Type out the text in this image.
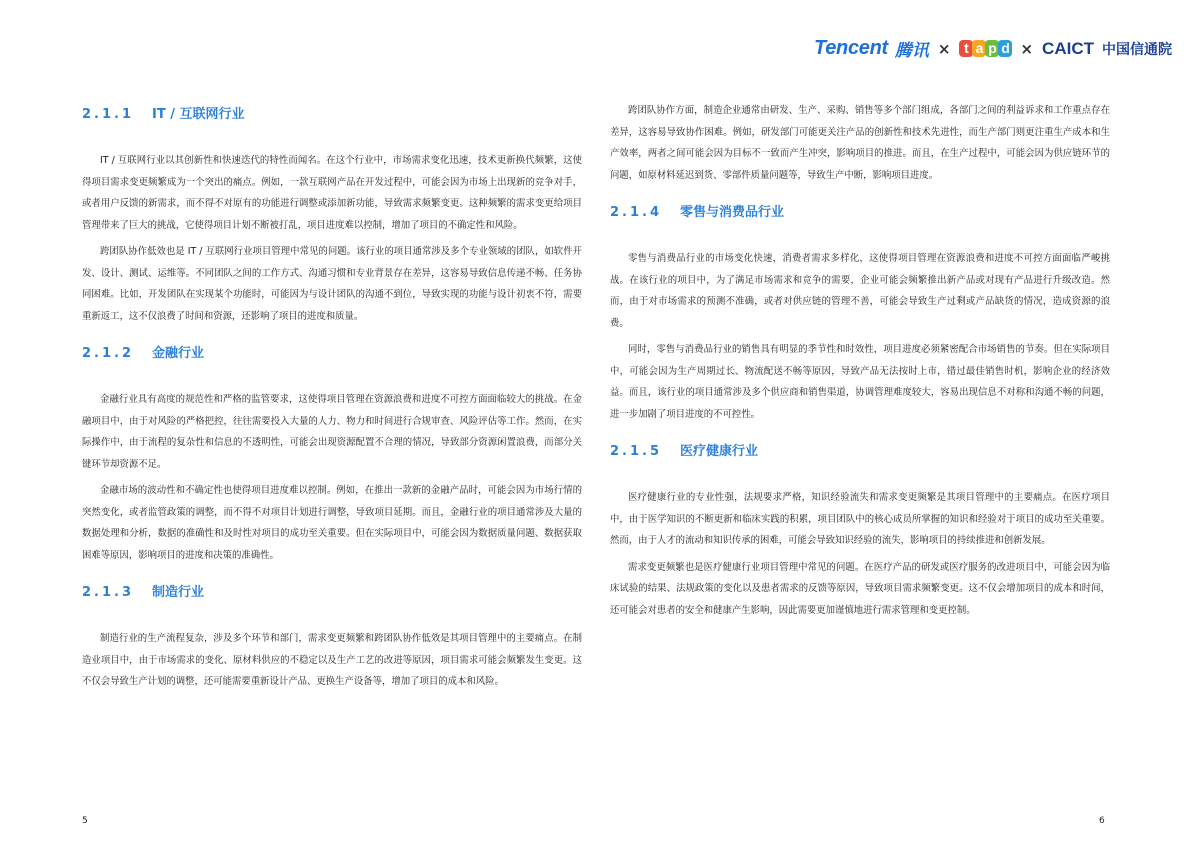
Tencent 腾讯 × t a p d × CAICT 中国信通院
2.1.1 IT / 互联网行业

IT / 互联网行业以其创新性和快速迭代的特性而闻名。在这个行业中，市场需求变化迅速，技术更新换代频繁，这使得项目需求变更频繁成为一个突出的痛点。例如，一款互联网产品在开发过程中，可能会因为市场上出现新的竞争对手，或者用户反馈的新需求，而不得不对原有的功能进行调整或添加新功能，导致需求频繁变更。这种频繁的需求变更给项目管理带来了巨大的挑战，它使得项目计划不断被打乱，项目进度难以控制，增加了项目的不确定性和风险。

跨团队协作低效也是 IT / 互联网行业项目管理中常见的问题。该行业的项目通常涉及多个专业领域的团队，如软件开发、设计、测试、运维等。不同团队之间的工作方式、沟通习惯和专业背景存在差异，这容易导致信息传递不畅、任务协同困难。比如，开发团队在实现某个功能时，可能因为与设计团队的沟通不到位，导致实现的功能与设计初衷不符，需要重新返工，这不仅浪费了时间和资源，还影响了项目的进度和质量。

2.1.2 金融行业

金融行业具有高度的规范性和严格的监管要求，这使得项目管理在资源浪费和进度不可控方面面临较大的挑战。在金融项目中，由于对风险的严格把控，往往需要投入大量的人力、物力和时间进行合规审查、风险评估等工作。然而，在实际操作中，由于流程的复杂性和信息的不透明性，可能会出现资源配置不合理的情况，导致部分资源闲置浪费，而部分关键环节却资源不足。

金融市场的波动性和不确定性也使得项目进度难以控制。例如，在推出一款新的金融产品时，可能会因为市场行情的突然变化，或者监管政策的调整，而不得不对项目计划进行调整，导致项目延期。而且，金融行业的项目通常涉及大量的数据处理和分析，数据的准确性和及时性对项目的成功至关重要。但在实际项目中，可能会因为数据质量问题、数据获取困难等原因，影响项目的进度和决策的准确性。

2.1.3 制造行业

制造行业的生产流程复杂，涉及多个环节和部门，需求变更频繁和跨团队协作低效是其项目管理中的主要痛点。在制造业项目中，由于市场需求的变化、原材料供应的不稳定以及生产工艺的改进等原因，项目需求可能会频繁发生变更。这不仅会导致生产计划的调整，还可能需要重新设计产品、更换生产设备等，增加了项目的成本和风险。

跨团队协作方面，制造企业通常由研发、生产、采购、销售等多个部门组成，各部门之间的利益诉求和工作重点存在差异，这容易导致协作困难。例如，研发部门可能更关注产品的创新性和技术先进性，而生产部门则更注重生产成本和生产效率，两者之间可能会因为目标不一致而产生冲突，影响项目的推进。而且，在生产过程中，可能会因为供应链环节的问题，如原材料延迟到货、零部件质量问题等，导致生产中断，影响项目进度。

2.1.4 零售与消费品行业

零售与消费品行业的市场变化快速，消费者需求多样化，这使得项目管理在资源浪费和进度不可控方面面临严峻挑战。在该行业的项目中，为了满足市场需求和竞争的需要，企业可能会频繁推出新产品或对现有产品进行升级改造。然而，由于对市场需求的预测不准确，或者对供应链的管理不善，可能会导致生产过剩或产品缺货的情况，造成资源的浪费。

同时，零售与消费品行业的销售具有明显的季节性和时效性，项目进度必须紧密配合市场销售的节奏。但在实际项目中，可能会因为生产周期过长、物流配送不畅等原因，导致产品无法按时上市，错过最佳销售时机，影响企业的经济效益。而且，该行业的项目通常涉及多个供应商和销售渠道，协调管理难度较大，容易出现信息不对称和沟通不畅的问题，进一步加剧了项目进度的不可控性。

2.1.5 医疗健康行业

医疗健康行业的专业性强，法规要求严格，知识经验流失和需求变更频繁是其项目管理中的主要痛点。在医疗项目中，由于医学知识的不断更新和临床实践的积累，项目团队中的核心成员所掌握的知识和经验对于项目的成功至关重要。然而，由于人才的流动和知识传承的困难，可能会导致知识经验的流失，影响项目的持续推进和创新发展。

需求变更频繁也是医疗健康行业项目管理中常见的问题。在医疗产品的研发或医疗服务的改进项目中，可能会因为临床试验的结果、法规政策的变化以及患者需求的反馈等原因，导致项目需求频繁变更。这不仅会增加项目的成本和时间，还可能会对患者的安全和健康产生影响，因此需要更加谨慎地进行需求管理和变更控制。

5	6
